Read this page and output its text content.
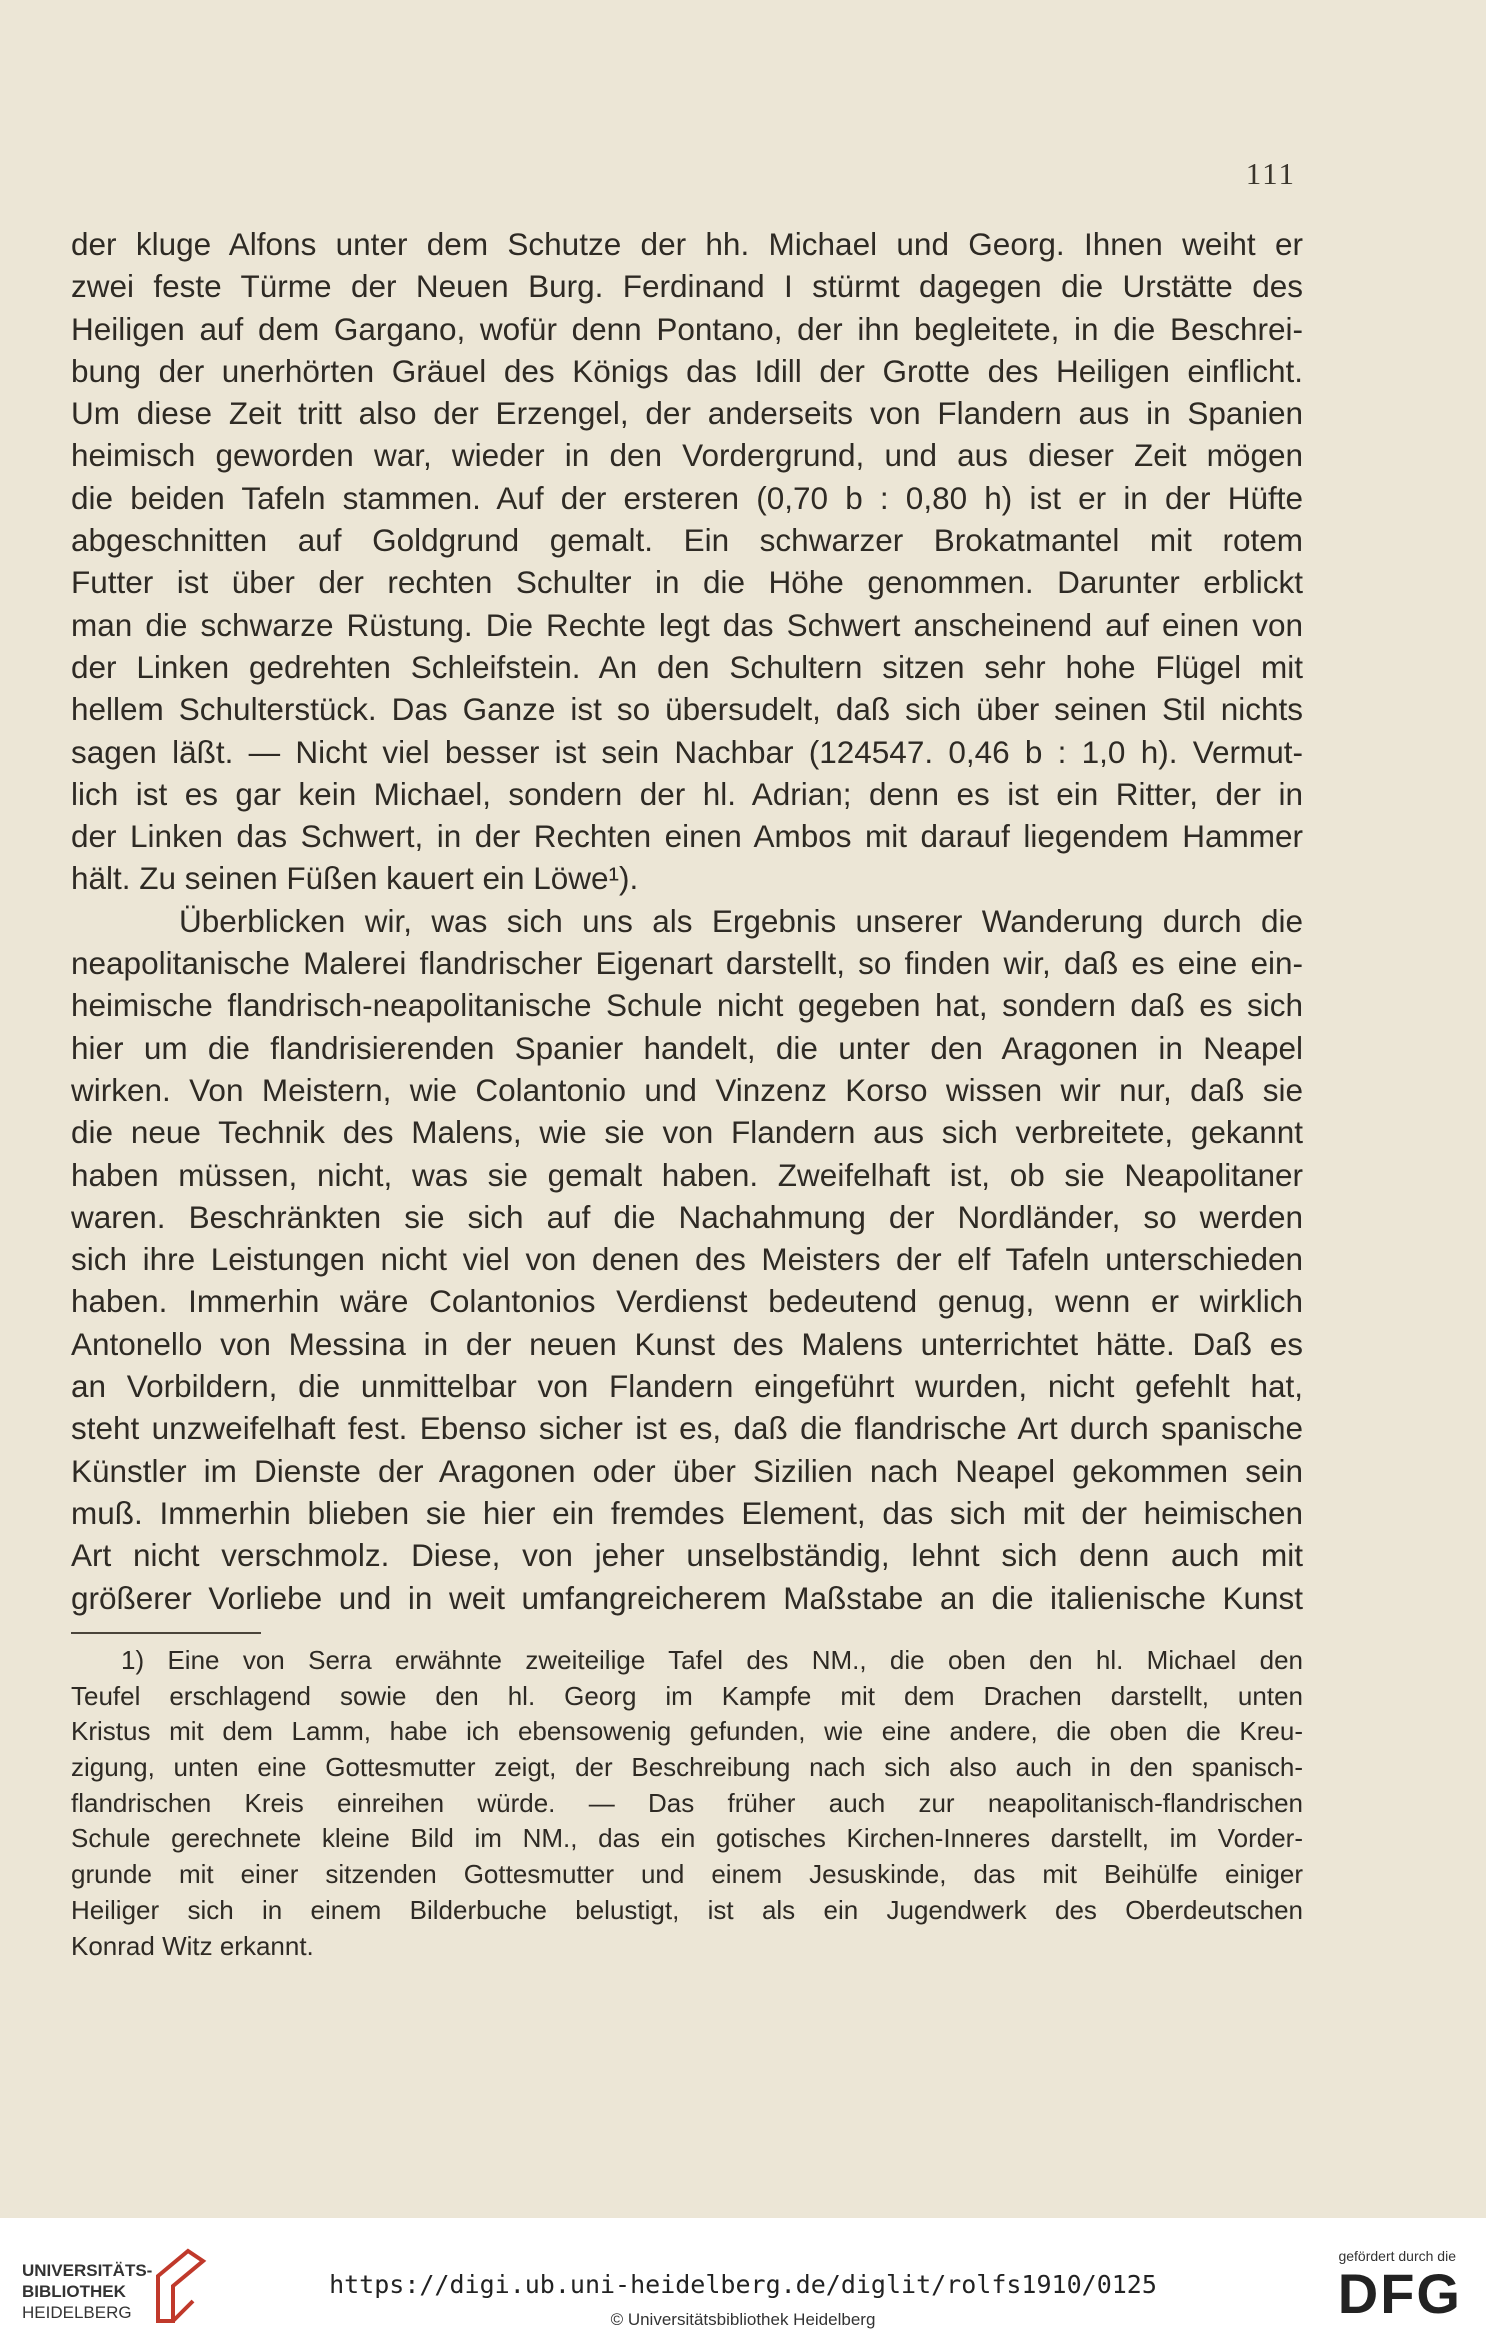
111
der kluge Alfons unter dem Schutze der hh. Michael und Georg. Ihnen weiht er
zwei feste Türme der Neuen Burg. Ferdinand I stürmt dagegen die Urstätte des
Heiligen auf dem Gargano, wofür denn Pontano, der ihn begleitete, in die Beschrei-
bung der unerhörten Gräuel des Königs das Idill der Grotte des Heiligen einflicht.
Um diese Zeit tritt also der Erzengel, der anderseits von Flandern aus in Spanien
heimisch geworden war, wieder in den Vordergrund, und aus dieser Zeit mögen
die beiden Tafeln stammen. Auf der ersteren (0,70 b : 0,80 h) ist er in der Hüfte
abgeschnitten auf Goldgrund gemalt. Ein schwarzer Brokatmantel mit rotem
Futter ist über der rechten Schulter in die Höhe genommen. Darunter erblickt
man die schwarze Rüstung. Die Rechte legt das Schwert anscheinend auf einen von
der Linken gedrehten Schleifstein. An den Schultern sitzen sehr hohe Flügel mit
hellem Schulterstück. Das Ganze ist so übersudelt, daß sich über seinen Stil nichts
sagen läßt. — Nicht viel besser ist sein Nachbar (124547. 0,46 b : 1,0 h). Vermut-
lich ist es gar kein Michael, sondern der hl. Adrian; denn es ist ein Ritter, der in
der Linken das Schwert, in der Rechten einen Ambos mit darauf liegendem Hammer
hält. Zu seinen Füßen kauert ein Löwe¹).
Überblicken wir, was sich uns als Ergebnis unserer Wanderung durch die
neapolitanische Malerei flandrischer Eigenart darstellt, so finden wir, daß es eine ein-
heimische flandrisch-neapolitanische Schule nicht gegeben hat, sondern daß es sich
hier um die flandrisierenden Spanier handelt, die unter den Aragonen in Neapel
wirken. Von Meistern, wie Colantonio und Vinzenz Korso wissen wir nur, daß sie
die neue Technik des Malens, wie sie von Flandern aus sich verbreitete, gekannt
haben müssen, nicht, was sie gemalt haben. Zweifelhaft ist, ob sie Neapolitaner
waren. Beschränkten sie sich auf die Nachahmung der Nordländer, so werden
sich ihre Leistungen nicht viel von denen des Meisters der elf Tafeln unterschieden
haben. Immerhin wäre Colantonios Verdienst bedeutend genug, wenn er wirklich
Antonello von Messina in der neuen Kunst des Malens unterrichtet hätte. Daß es
an Vorbildern, die unmittelbar von Flandern eingeführt wurden, nicht gefehlt hat,
steht unzweifelhaft fest. Ebenso sicher ist es, daß die flandrische Art durch spanische
Künstler im Dienste der Aragonen oder über Sizilien nach Neapel gekommen sein
muß. Immerhin blieben sie hier ein fremdes Element, das sich mit der heimischen
Art nicht verschmolz. Diese, von jeher unselbständig, lehnt sich denn auch mit
größerer Vorliebe und in weit umfangreicherem Maßstabe an die italienische Kunst
1) Eine von Serra erwähnte zweiteilige Tafel des NM., die oben den hl. Michael den
Teufel erschlagend sowie den hl. Georg im Kampfe mit dem Drachen darstellt, unten
Kristus mit dem Lamm, habe ich ebensowenig gefunden, wie eine andere, die oben die Kreu-
zigung, unten eine Gottesmutter zeigt, der Beschreibung nach sich also auch in den spanisch-
flandrischen Kreis einreihen würde. — Das früher auch zur neapolitanisch-flandrischen
Schule gerechnete kleine Bild im NM., das ein gotisches Kirchen-Inneres darstellt, im Vorder-
grunde mit einer sitzenden Gottesmutter und einem Jesuskinde, das mit Beihülfe einiger
Heiliger sich in einem Bilderbuche belustigt, ist als ein Jugendwerk des Oberdeutschen
Konrad Witz erkannt.
UNIVERSITÄTS-
BIBLIOTHEK
HEIDELBERG
https://digi.ub.uni-heidelberg.de/diglit/rolfs1910/0125
© Universitätsbibliothek Heidelberg
gefördert durch die
DFG
